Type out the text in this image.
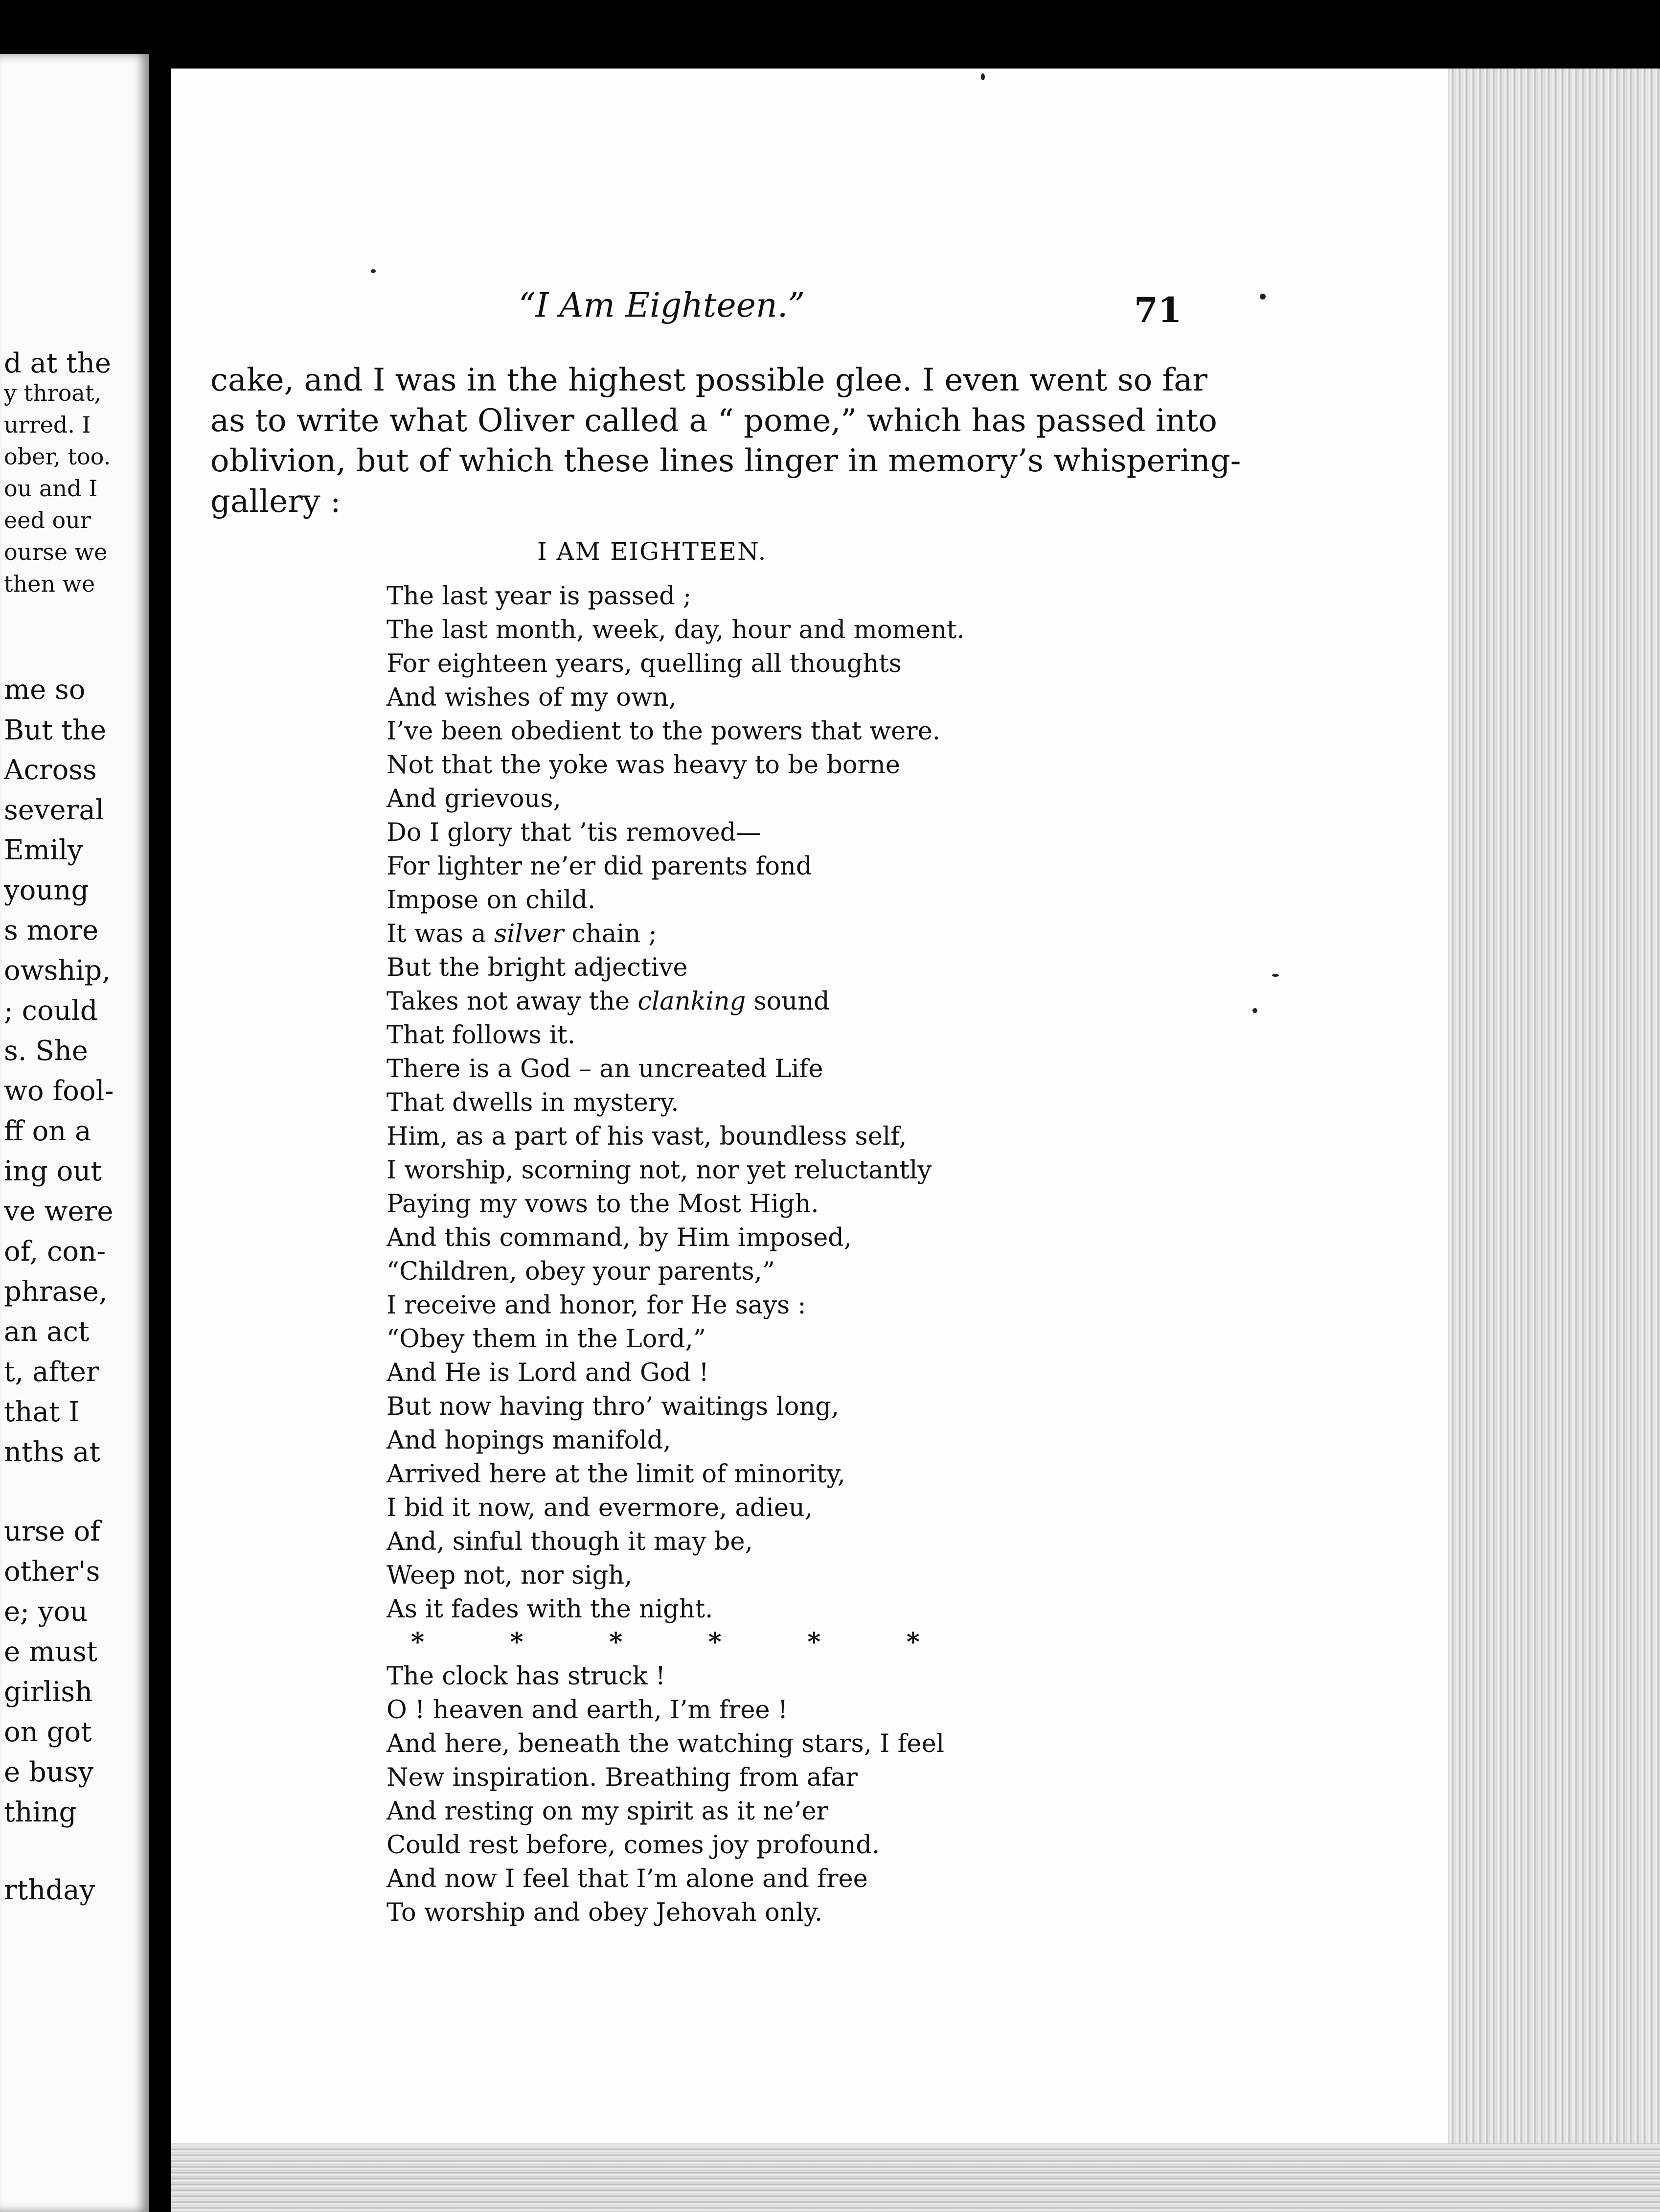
d at the
y throat,
urred. I
ober, too.
ou and I
eed our
ourse we
then we
me so
But the
Across
several
Emily
young
s more
owship,
; could
s. She
wo fool-
ff on a
ing out
ve were
of, con-
phrase,
an act
t, after
that I
nths at
urse of
other's
e; you
e must
girlish
on got
e busy
thing
rthday
“I Am Eighteen.”	71
cake, and I was in the highest possible glee. I even went so far
as to write what Oliver called a “ pome,” which has passed into
oblivion, but of which these lines linger in memory’s whispering-
gallery :
I AM EIGHTEEN.
The last year is passed ;
The last month, week, day, hour and moment.
For eighteen years, quelling all thoughts
And wishes of my own,
I’ve been obedient to the powers that were.
Not that the yoke was heavy to be borne
And grievous,
Do I glory that ’tis removed—
For lighter ne’er did parents fond
Impose on child.
It was a silver chain ;
But the bright adjective
Takes not away the clanking sound
That follows it.
There is a God – an uncreated Life
That dwells in mystery.
Him, as a part of his vast, boundless self,
I worship, scorning not, nor yet reluctantly
Paying my vows to the Most High.
And this command, by Him imposed,
“Children, obey your parents,”
I receive and honor, for He says :
“Obey them in the Lord,”
And He is Lord and God !
But now having thro’ waitings long,
And hopings manifold,
Arrived here at the limit of minority,
I bid it now, and evermore, adieu,
And, sinful though it may be,
Weep not, nor sigh,
As it fades with the night.
*	*	*	*	*	*
The clock has struck !
O ! heaven and earth, I’m free !
And here, beneath the watching stars, I feel
New inspiration. Breathing from afar
And resting on my spirit as it ne’er
Could rest before, comes joy profound.
And now I feel that I’m alone and free
To worship and obey Jehovah only.
